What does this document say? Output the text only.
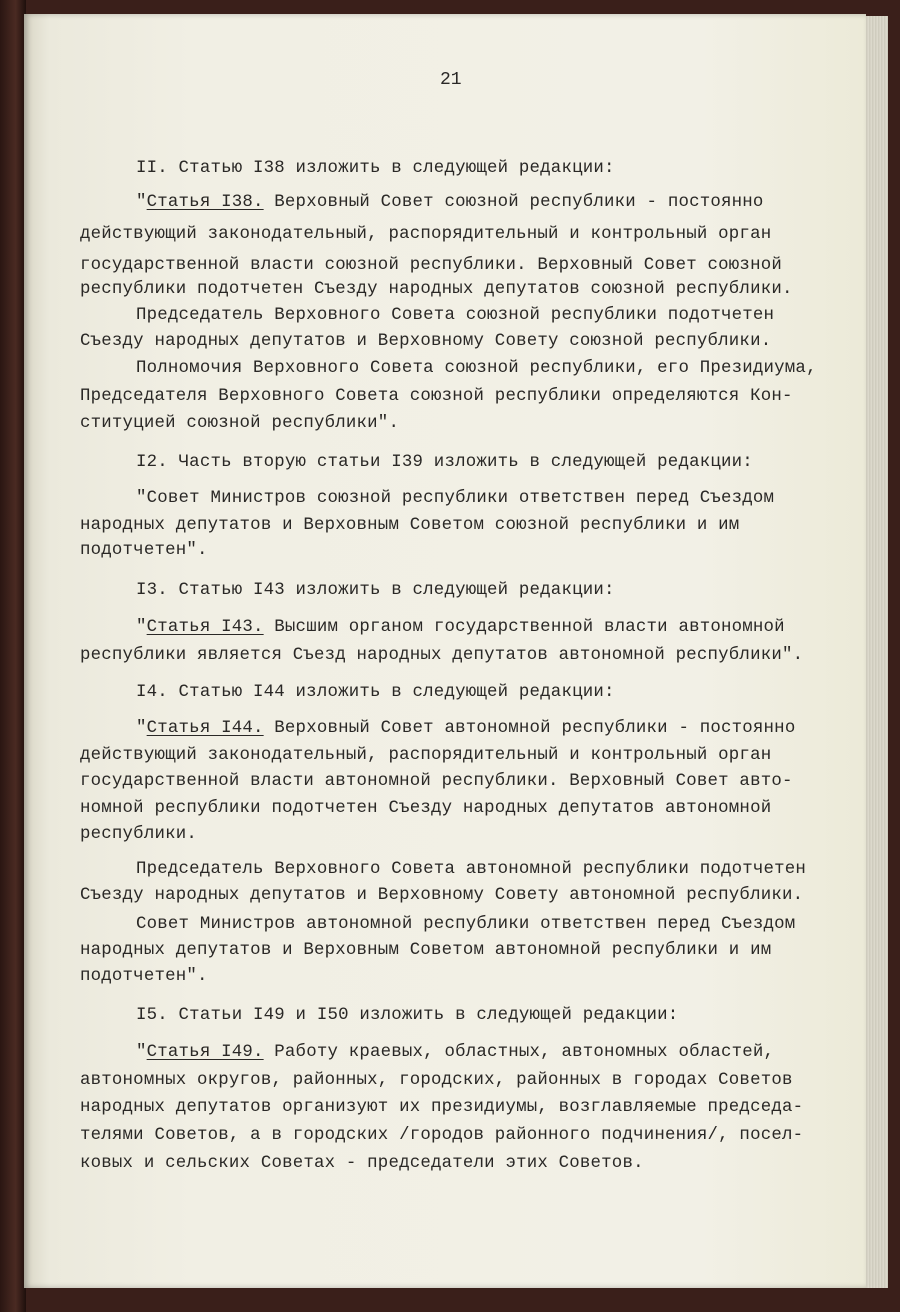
21

II. Статью I38 изложить в следующей редакции:

"Статья I38. Верховный Совет союзной республики - постоянно

действующий законодательный, распорядительный и контрольный орган

государственной власти союзной республики. Верховный Совет союзной

республики подотчетен Съезду народных депутатов союзной республики.

Председатель Верховного Совета союзной республики подотчетен

Съезду народных депутатов и Верховному Совету союзной республики.

Полномочия Верховного Совета союзной республики, его Президиума,

Председателя Верховного Совета союзной республики определяются Кон-

ституцией союзной республики".

I2. Часть вторую статьи I39 изложить в следующей редакции:

"Совет Министров союзной республики ответствен перед Съездом

народных депутатов и Верховным Советом союзной республики и им

подотчетен".

I3. Статью I43 изложить в следующей редакции:

"Статья I43. Высшим органом государственной власти автономной

республики является Съезд народных депутатов автономной республики".

I4. Статью I44 изложить в следующей редакции:

"Статья I44. Верховный Совет автономной республики - постоянно

действующий законодательный, распорядительный и контрольный орган

государственной власти автономной республики. Верховный Совет авто-

номной республики подотчетен Съезду народных депутатов автономной

республики.

Председатель Верховного Совета автономной республики подотчетен

Съезду народных депутатов и Верховному Совету автономной республики.

Совет Министров автономной республики ответствен перед Съездом

народных депутатов и Верховным Советом автономной республики и им

подотчетен".

I5. Статьи I49 и I50 изложить в следующей редакции:

"Статья I49. Работу краевых, областных, автономных областей,

автономных округов, районных, городских, районных в городах Советов

народных депутатов организуют их президиумы, возглавляемые председа-

телями Советов, а в городских /городов районного подчинения/, посел-

ковых и сельских Советах - председатели этих Советов.
